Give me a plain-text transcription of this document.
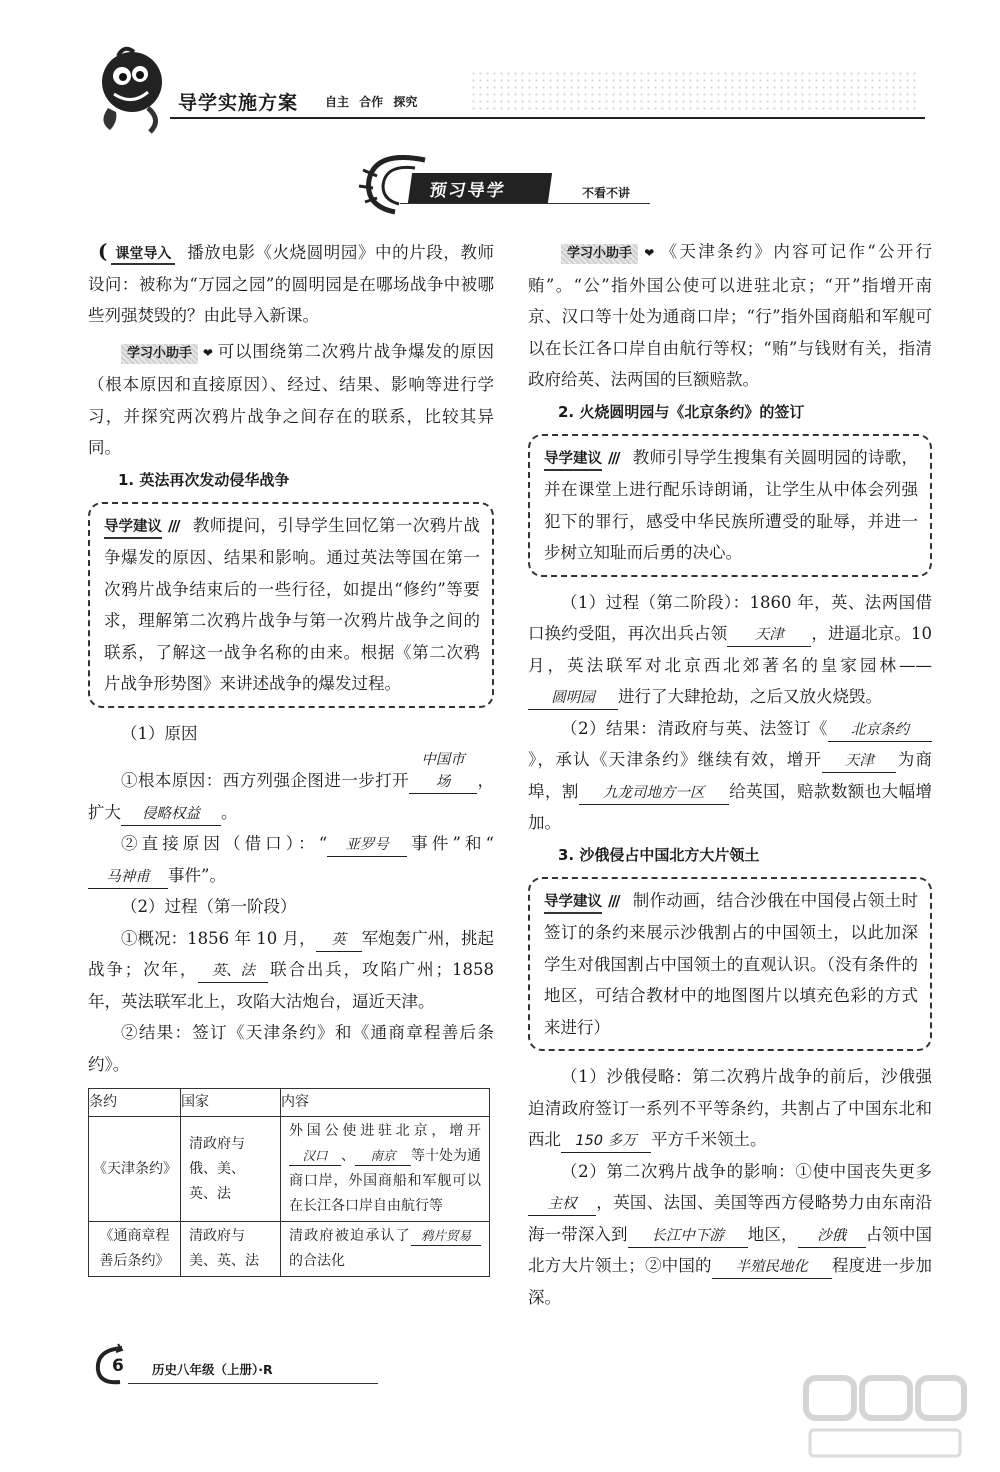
导学实施方案 自主 合作 探究
预习导学	不看不讲

( 课堂导入 播放电影《火烧圆明园》中的片段，教师设问：被称为“万园之园”的圆明园是在哪场战争中被哪些列强焚毁的？由此导入新课。

学习小助手 ❤ 可以围绕第二次鸦片战争爆发的原因（根本原因和直接原因）、经过、结果、影响等进行学习，并探究两次鸦片战争之间存在的联系，比较其异同。

1. 英法再次发动侵华战争

导学建议 /// 教师提问，引导学生回忆第一次鸦片战争爆发的原因、结果和影响。通过英法等国在第一次鸦片战争结束后的一些行径，如提出“修约”等要求，理解第二次鸦片战争与第一次鸦片战争之间的联系，了解这一战争名称的由来。根据《第二次鸦片战争形势图》来讲述战争的爆发过程。

（1）原因

①根本原因：西方列强企图进一步打开中国市场 ，扩大 侵略权益 。

②直接原因（借口）：“ 亚罗号 事件”和“马神甫 事件”。

（2）过程（第一阶段）

①概况：1856 年 10 月， 英 军炮轰广州，挑起战争；次年， 英、法 联合出兵，攻陷广州；1858 年，英法联军北上，攻陷大沽炮台，逼近天津。

②结果：签订《天津条约》和《通商章程善后条约》。

条约	国家	内容
《天津条约》	清政府与俄、美、英、法	外国公使进驻北京，增开汉口 、 南京 等十处为通商口岸，外国商船和军舰可以在长江各口岸自由航行等
《通商章程善后条约》	清政府与美、英、法	清政府被迫承认了 鸦片贸易的合法化

学习小助手 ❤ 《天津条约》内容可记作“公开行贿”。“公”指外国公使可以进驻北京；“开”指增开南京、汉口等十处为通商口岸；“行”指外国商船和军舰可以在长江各口岸自由航行等权；“贿”与钱财有关，指清政府给英、法两国的巨额赔款。

2. 火烧圆明园与《北京条约》的签订

导学建议 /// 教师引导学生搜集有关圆明园的诗歌，并在课堂上进行配乐诗朗诵，让学生从中体会列强犯下的罪行，感受中华民族所遭受的耻辱，并进一步树立知耻而后勇的决心。

（1）过程（第二阶段）：1860 年，英、法两国借口换约受阻，再次出兵占领 天津 ，进逼北京。10 月，英法联军对北京西北郊著名的皇家园林——圆明园 进行了大肆抢劫，之后又放火烧毁。

（2）结果：清政府与英、法签订《 北京条约》，承认《天津条约》继续有效，增开 天津 为商埠，割 九龙司地方一区 给英国，赔款数额也大幅增加。

3. 沙俄侵占中国北方大片领土

导学建议 /// 制作动画，结合沙俄在中国侵占领土时签订的条约来展示沙俄割占的中国领土，以此加深学生对俄国割占中国领土的直观认识。（没有条件的地区，可结合教材中的地图图片以填充色彩的方式来进行）

（1）沙俄侵略：第二次鸦片战争的前后，沙俄强迫清政府签订一系列不平等条约，共割占了中国东北和西北 150 多万 平方千米领土。

（2）第二次鸦片战争的影响：①使中国丧失更多主权 ，英国、法国、美国等西方侵略势力由东南沿海一带深入到 长江中下游 地区， 沙俄 占领中国北方大片领土；②中国的 半殖民地化 程度进一步加深。

6 历史八年级（上册）·R
